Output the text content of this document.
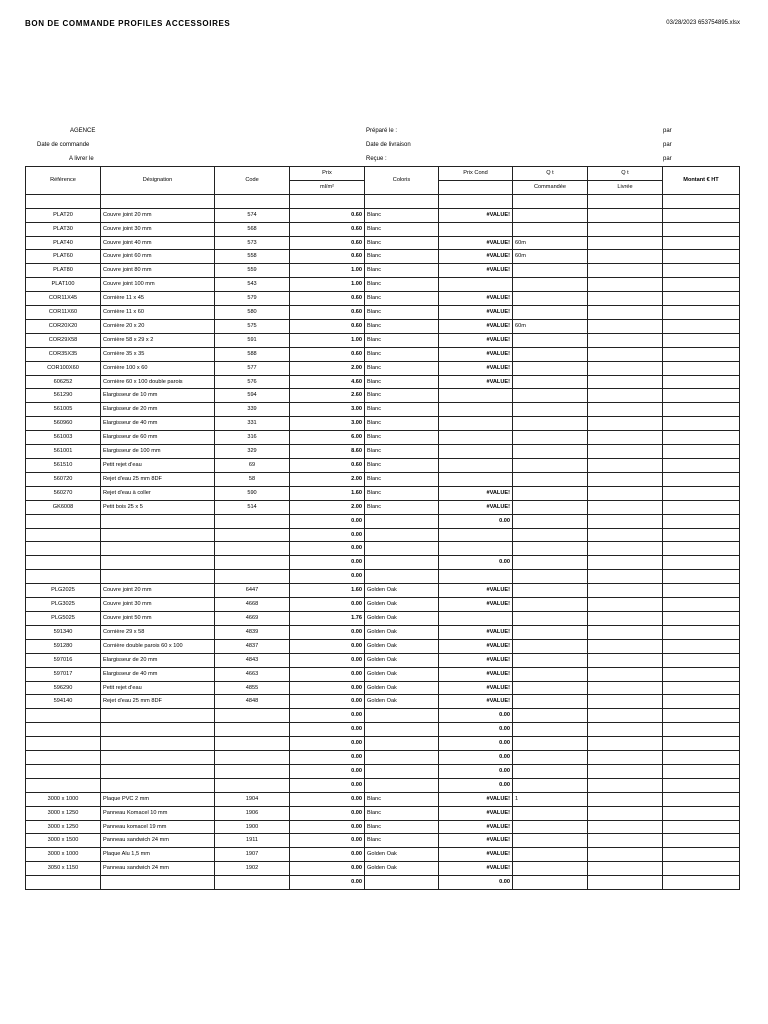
BON DE COMMANDE PROFILES ACCESSOIRES	03/28/2023 653754895.xlsx
AGENCE
Date de commande
A livrer le
Préparé le :
Date de livraison
Reçue :
par
par
par
Référence	Désignation	Code	Prix	Coloris	Prix Cond	Q t	Q t	Montant € HT
			ml/m²			Commandée	Livrée	

PLAT20	Couvre joint 20 mm	574	0.60	Blanc	#VALUE!			
PLAT30	Couvre joint 30 mm	568	0.60	Blanc				
PLAT40	Couvre joint 40 mm	573	0.60	Blanc	#VALUE!	60m		
PLAT60	Couvre joint 60 mm	558	0.60	Blanc	#VALUE!	60m		
PLAT80	Couvre joint 80 mm	559	1.00	Blanc	#VALUE!			
PLAT100	Couvre joint 100 mm	543	1.00	Blanc				
COR11X45	Cornière 11 x 45	579	0.60	Blanc	#VALUE!			
COR11X60	Cornière 11 x 60	580	0.60	Blanc	#VALUE!			
COR20X20	Cornière 20 x 20	575	0.60	Blanc	#VALUE!	60m		
COR29X58	Cornière 58 x 29 x 2	591	1.00	Blanc	#VALUE!			
COR35X35	Cornière 35 x 35	588	0.60	Blanc	#VALUE!			
COR100X60	Cornière 100 x 60	577	2.00	Blanc	#VALUE!			
606252	Cornière 60 x 100 double parois	576	4.60	Blanc	#VALUE!			
561290	Elargisseur de 10 mm	594	2.60	Blanc				
561005	Elargisseur de 20 mm	339	3.00	Blanc				
560960	Elargisseur de 40 mm	331	3.00	Blanc				
561003	Elargisseur de 60 mm	316	6.00	Blanc				
561001	Elargisseur de 100 mm	329	8.60	Blanc				
561510	Petit rejet d'eau	69	0.60	Blanc				
560720	Rejet d'eau 25 mm 8DF	58	2.00	Blanc				
560270	Rejet d'eau à coller	590	1.60	Blanc	#VALUE!			
GK6008	Petit bois 25 x 5	514	2.00	Blanc	#VALUE!			
			0.00		0.00			
			0.00					
			0.00					
			0.00		0.00			
			0.00					
PLG2025	Couvre joint 20 mm	6447	1.60	Golden Oak	#VALUE!			
PLG3025	Couvre joint 30 mm	4668	0.00	Golden Oak	#VALUE!			
PLG5025	Couvre joint 50 mm	4669	1.76	Golden Oak				
591340	Cornière 29 x 58	4839	0.00	Golden Oak	#VALUE!			
591280	Cornière double parois 60 x 100	4837	0.00	Golden Oak	#VALUE!			
597016	Elargisseur de 20 mm	4843	0.00	Golden Oak	#VALUE!			
597017	Elargisseur de 40 mm	4663	0.00	Golden Oak	#VALUE!			
596290	Petit rejet d'eau	4855	0.00	Golden Oak	#VALUE!			
594140	Rejet d'eau 25 mm 8DF	4848	0.00	Golden Oak	#VALUE!			
			0.00		0.00			
			0.00		0.00			
			0.00		0.00			
			0.00		0.00			
			0.00		0.00			
			0.00		0.00			
3000 x 1000	Plaque PVC 2 mm	1904	0.00	Blanc	#VALUE!	1		
3000 x 1250	Panneau Komacel 10 mm	1906	0.00	Blanc	#VALUE!			
3000 x 1250	Panneau komacel 19 mm	1900	0.00	Blanc	#VALUE!			
3000 x 1500	Panneau sandwich 24 mm	1911	0.00	Blanc	#VALUE!			
3000 x 1000	Plaque Alu 1,5 mm	1907	0.00	Golden Oak	#VALUE!			
3050 x 1150	Panneau sandwich 24 mm	1902	0.00	Golden Oak	#VALUE!			
			0.00		0.00			
